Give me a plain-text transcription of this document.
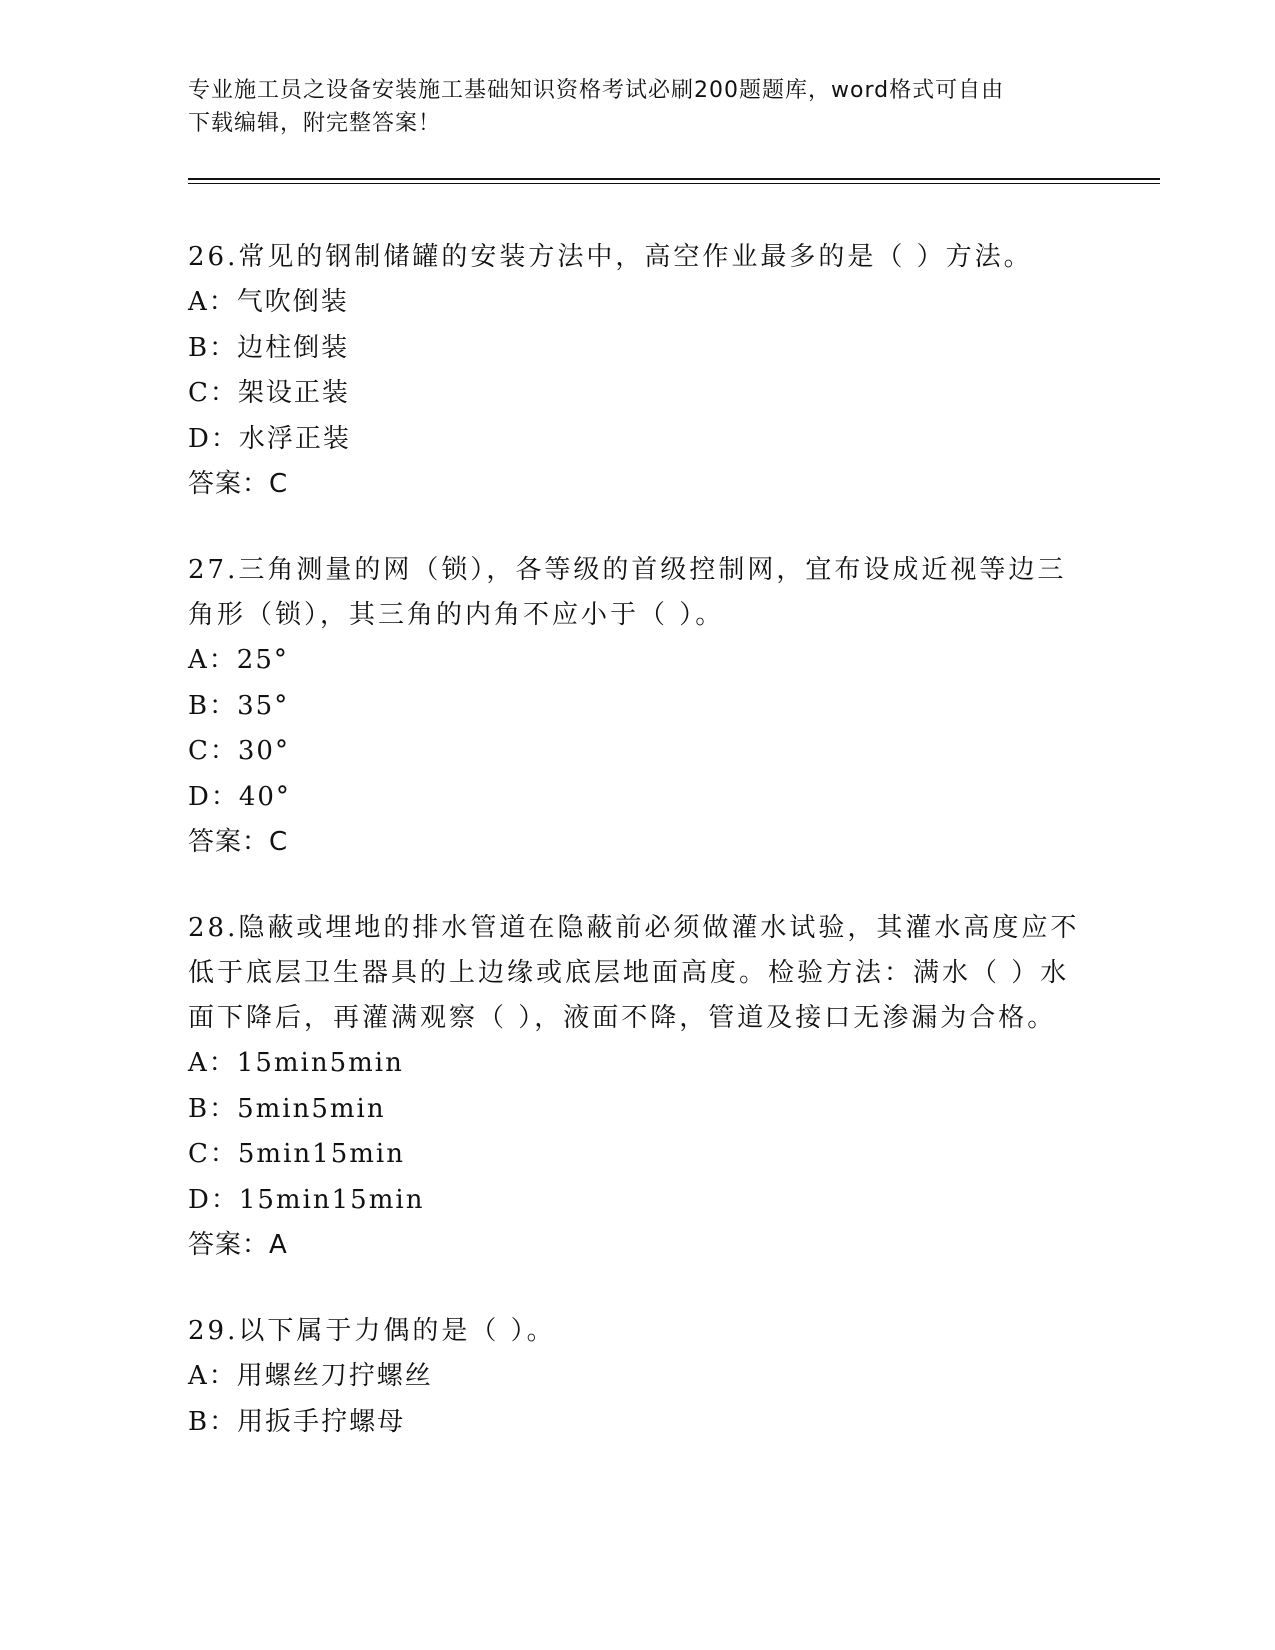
专业施工员之设备安装施工基础知识资格考试必刷200题题库，word格式可自由
下载编辑，附完整答案！
26.常见的钢制储罐的安装方法中，高空作业最多的是（ ）方法。
A：气吹倒装
B：边柱倒装
C：架设正装
D：水浮正装
答案：C
27.三角测量的网（锁），各等级的首级控制网，宜布设成近视等边三角形（锁），其三角的内角不应小于（ ）。
A：25°
B：35°
C：30°
D：40°
答案：C
28.隐蔽或埋地的排水管道在隐蔽前必须做灌水试验，其灌水高度应不低于底层卫生器具的上边缘或底层地面高度。检验方法：满水（ ）水面下降后，再灌满观察（ ），液面不降，管道及接口无渗漏为合格。
A：15min5min
B：5min5min
C：5min15min
D：15min15min
答案：A
29.以下属于力偶的是（ ）。
A：用螺丝刀拧螺丝
B：用扳手拧螺母
